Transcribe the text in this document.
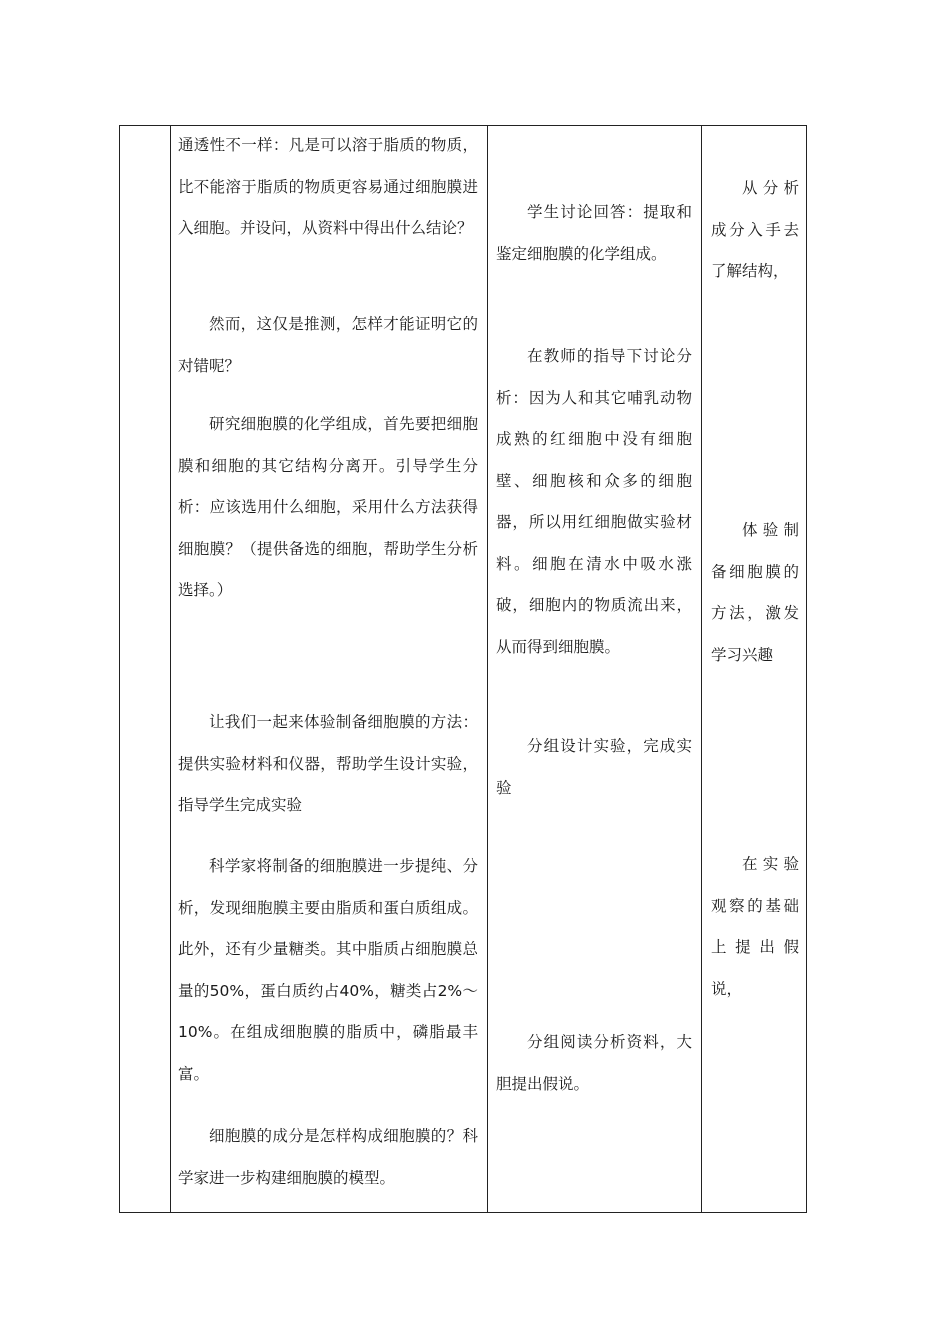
通透性不一样：凡是可以溶于脂质的物质，比不能溶于脂质的物质更容易通过细胞膜进入细胞。并设问，从资料中得出什么结论？

然而，这仅是推测，怎样才能证明它的对错呢？

研究细胞膜的化学组成，首先要把细胞膜和细胞的其它结构分离开。引导学生分析：应该选用什么细胞，采用什么方法获得细胞膜？（提供备选的细胞，帮助学生分析选择。）

让我们一起来体验制备细胞膜的方法：提供实验材料和仪器，帮助学生设计实验，指导学生完成实验

科学家将制备的细胞膜进一步提纯、分析，发现细胞膜主要由脂质和蛋白质组成。此外，还有少量糖类。其中脂质占细胞膜总量的50%，蛋白质约占40%，糖类占2%～10%。在组成细胞膜的脂质中，磷脂最丰富。

细胞膜的成分是怎样构成细胞膜的？科学家进一步构建细胞膜的模型。

学生讨论回答：提取和鉴定细胞膜的化学组成。

在教师的指导下讨论分析：因为人和其它哺乳动物成熟的红细胞中没有细胞壁、细胞核和众多的细胞器，所以用红细胞做实验材料。细胞在清水中吸水涨破，细胞内的物质流出来，从而得到细胞膜。

分组设计实验，完成实验

分组阅读分析资料，大胆提出假说。

从分析成分入手去了解结构，

体验制备细胞膜的方法，激发学习兴趣

在实验观察的基础上提出假说，
